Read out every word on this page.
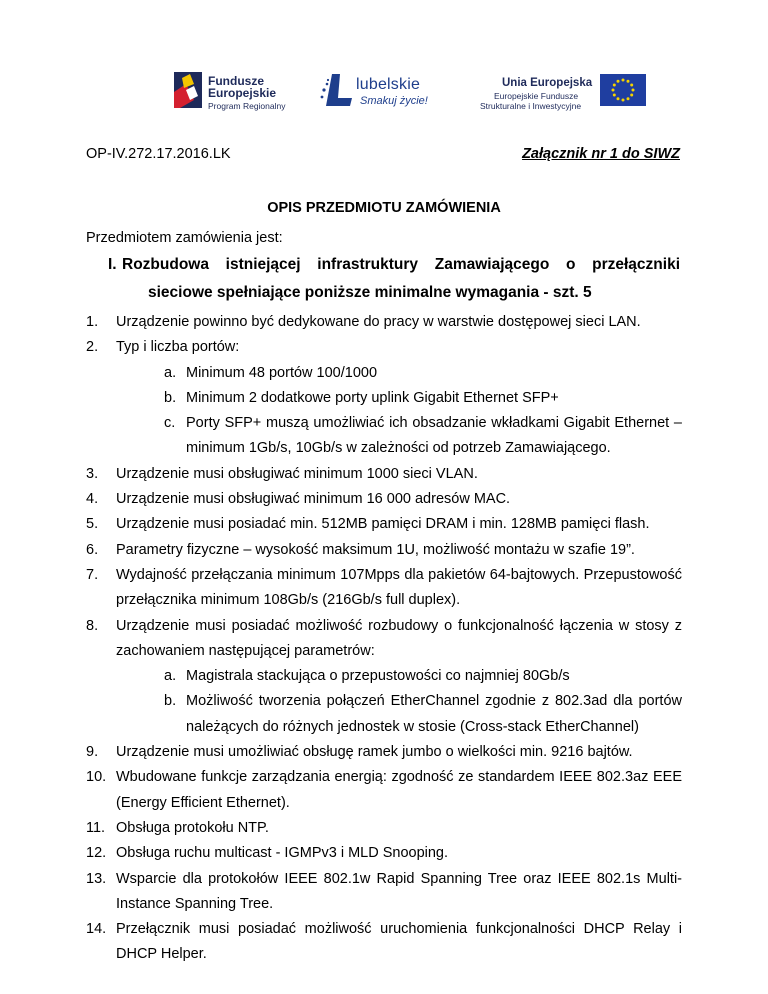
Fundusze
Europejskie
Program Regionalny
lubelskie
Smakuj życie!
Unia Europejska
Europejskie Fundusze
Strukturalne i Inwestycyjne
OP-IV.272.17.2016.LK	Załącznik nr 1 do SIWZ
OPIS PRZEDMIOTU ZAMÓWIENIA
Przedmiotem zamówienia jest:
I. Rozbudowa istniejącej infrastruktury Zamawiającego o przełączniki
sieciowe spełniające poniższe minimalne wymagania - szt. 5
1. Urządzenie powinno być dedykowane do pracy w warstwie dostępowej sieci LAN.
2. Typ i liczba portów:
a. Minimum 48 portów 100/1000
b. Minimum 2 dodatkowe porty uplink Gigabit Ethernet SFP+
c. Porty SFP+ muszą umożliwiać ich obsadzanie wkładkami Gigabit Ethernet – minimum 1Gb/s, 10Gb/s w zależności od potrzeb Zamawiającego.
3. Urządzenie musi obsługiwać minimum 1000 sieci VLAN.
4. Urządzenie musi obsługiwać minimum 16 000 adresów MAC.
5. Urządzenie musi posiadać min. 512MB pamięci DRAM i min. 128MB pamięci flash.
6. Parametry fizyczne – wysokość maksimum 1U, możliwość montażu w szafie 19”.
7. Wydajność przełączania minimum 107Mpps dla pakietów 64-bajtowych. Przepustowość przełącznika minimum 108Gb/s (216Gb/s full duplex).
8. Urządzenie musi posiadać możliwość rozbudowy o funkcjonalność łączenia w stosy z zachowaniem następującej parametrów:
a. Magistrala stackująca o przepustowości co najmniej 80Gb/s
b. Możliwość tworzenia połączeń EtherChannel zgodnie z 802.3ad dla portów należących do różnych jednostek w stosie (Cross-stack EtherChannel)
9. Urządzenie musi umożliwiać obsługę ramek jumbo o wielkości min. 9216 bajtów.
10. Wbudowane funkcje zarządzania energią: zgodność ze standardem IEEE 802.3az EEE (Energy Efficient Ethernet).
11. Obsługa protokołu NTP.
12. Obsługa ruchu multicast - IGMPv3 i MLD Snooping.
13. Wsparcie dla protokołów IEEE 802.1w Rapid Spanning Tree oraz IEEE 802.1s Multi-Instance Spanning Tree.
14. Przełącznik musi posiadać możliwość uruchomienia funkcjonalności DHCP Relay i DHCP Helper.
